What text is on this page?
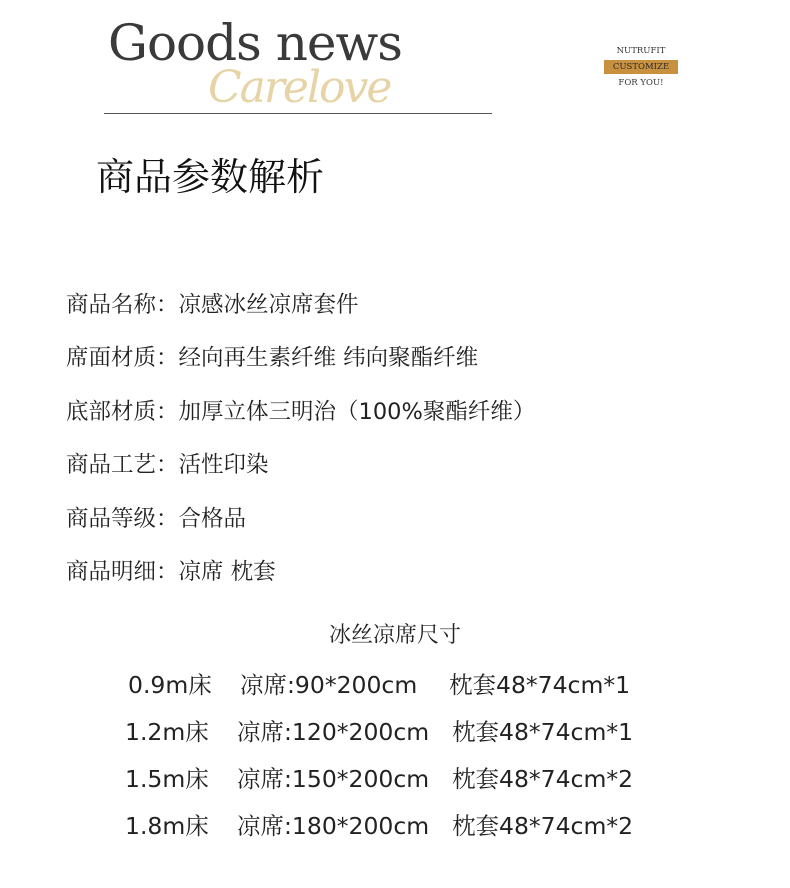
Goods news
Carelove
NUTRUFIT
CUSTOMIZE
FOR YOU!
商品参数解析
商品名称：凉感冰丝凉席套件
席面材质：经向再生素纤维 纬向聚酯纤维
底部材质：加厚立体三明治（100%聚酯纤维）
商品工艺：活性印染
商品等级：合格品
商品明细：凉席 枕套
冰丝凉席尺寸
0.9m床 凉席:90*200cm 枕套48*74cm*1
1.2m床 凉席:120*200cm 枕套48*74cm*1
1.5m床 凉席:150*200cm 枕套48*74cm*2
1.8m床 凉席:180*200cm 枕套48*74cm*2
